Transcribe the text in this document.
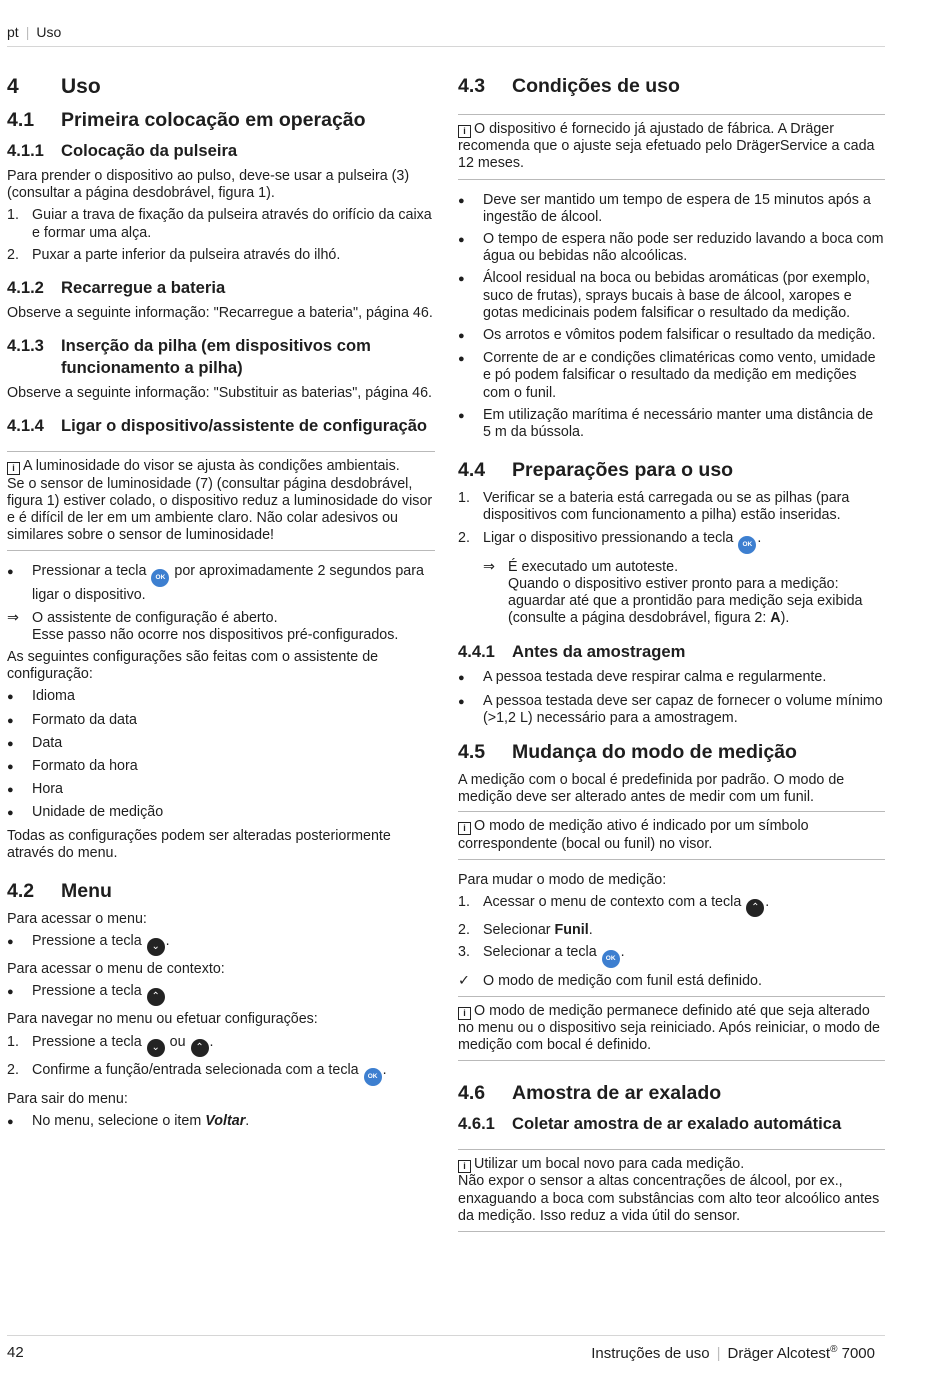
pt | Uso
4	Uso
4.1	Primeira colocação em operação
4.1.1	Colocação da pulseira

Para prender o dispositivo ao pulso, deve-se usar a pulseira (3) (consultar a página desdobrável, figura 1).

1. Guiar a trava de fixação da pulseira através do orifício da caixa e formar uma alça.
2. Puxar a parte inferior da pulseira através do ilhó.
4.1.2	Recarregue a bateria

Observe a seguinte informação: "Recarregue a bateria", página 46.

4.1.3	Inserção da pilha (em dispositivos com funcionamento a pilha)

Observe a seguinte informação: "Substituir as baterias", página 46.

4.1.4	Ligar o dispositivo/assistente de configuração
i A luminosidade do visor se ajusta às condições ambientais.
Se o sensor de luminosidade (7) (consultar página desdobrável, figura 1) estiver colado, o dispositivo reduz a luminosidade do visor e é difícil de ler em um ambiente claro. Não colar adesivos ou similares sobre o sensor de luminosidade!
●
Pressionar a tecla OK por aproximadamente 2 segundos para ligar o dispositivo.
⇒ O assistente de configuração é aberto.
Esse passo não ocorre nos dispositivos pré-configurados.

As seguintes configurações são feitas com o assistente de configuração:

●
Idioma
●
Formato da data
●
Data
●
Formato da hora
●
Hora
●
Unidade de medição

Todas as configurações podem ser alteradas posteriormente através do menu.

4.2	Menu

Para acessar o menu:

●
Pressione a tecla ⌄ .

Para acessar o menu de contexto:

●
Pressione a tecla ⌃

Para navegar no menu ou efetuar configurações:

1. Pressione a tecla ⌄ ou ⌃ .
2. Confirme a função/entrada selecionada com a tecla OK .

Para sair do menu:

●
No menu, selecione o item Voltar.
4.3	Condições de uso
i O dispositivo é fornecido já ajustado de fábrica. A Dräger recomenda que o ajuste seja efetuado pelo DrägerService a cada 12 meses.
●
Deve ser mantido um tempo de espera de 15 minutos após a ingestão de álcool.
●
O tempo de espera não pode ser reduzido lavando a boca com água ou bebidas não alcoólicas.
●
Álcool residual na boca ou bebidas aromáticas (por exemplo, suco de frutas), sprays bucais à base de álcool, xaropes e gotas medicinais podem falsificar o resultado da medição.
●
Os arrotos e vômitos podem falsificar o resultado da medição.
●
Corrente de ar e condições climatéricas como vento, umidade e pó podem falsificar o resultado da medição em medições com o funil.
●
Em utilização marítima é necessário manter uma distância de 5 m da bússola.
4.4	Preparações para o uso
1. Verificar se a bateria está carregada ou se as pilhas (para dispositivos com funcionamento a pilha) estão inseridas.
2. Ligar o dispositivo pressionando a tecla OK .
⇒ É executado um autoteste.
Quando o dispositivo estiver pronto para a medição: aguardar até que a prontidão para medição seja exibida (consulte a página desdobrável, figura 2: A).
4.4.1	Antes da amostragem
●
A pessoa testada deve respirar calma e regularmente.
●
A pessoa testada deve ser capaz de fornecer o volume mínimo (>1,2 L) necessário para a amostragem.
4.5	Mudança do modo de medição

A medição com o bocal é predefinida por padrão. O modo de medição deve ser alterado antes de medir com um funil.

i O modo de medição ativo é indicado por um símbolo correspondente (bocal ou funil) no visor.

Para mudar o modo de medição:

1. Acessar o menu de contexto com a tecla ⌃ .
2. Selecionar Funil.
3. Selecionar a tecla OK .
✓ O modo de medição com funil está definido.
i O modo de medição permanece definido até que seja alterado no menu ou o dispositivo seja reiniciado. Após reiniciar, o modo de medição com bocal é definido.
4.6	Amostra de ar exalado
4.6.1	Coletar amostra de ar exalado automática
i Utilizar um bocal novo para cada medição.
Não expor o sensor a altas concentrações de álcool, por ex., enxaguando a boca com substâncias com alto teor alcoólico antes da medição. Isso reduz a vida útil do sensor.
42	Instruções de uso | Dräger Alcotest® 7000
